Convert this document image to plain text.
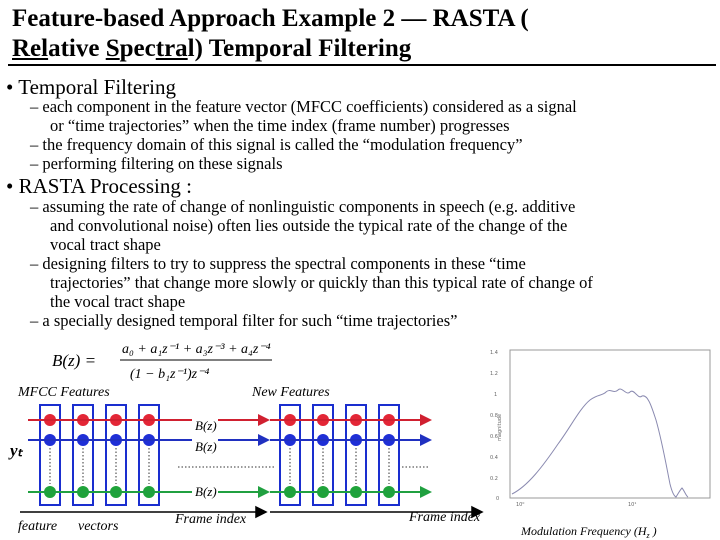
Feature-based Approach Example 2 — RASTA (
Relative Spectral) Temporal Filtering
• Temporal Filtering
– each component in the feature vector (MFCC coefficients) considered as a signal

or “time trajectories” when the time index (frame number) progresses
– the frequency domain of this signal is called the “modulation frequency”
– performing filtering on these signals
• RASTA Processing :
– assuming the rate of change of nonlinguistic components in speech (e.g. additive

and convolutional noise) often lies outside the typical rate of the change of the
vocal tract shape
– designing filters to try to suppress the spectral components in these “time

trajectories” that change more slowly or quickly than this typical rate of change of
the vocal tract shape
– a specially designed temporal filter for such “time trajectories”
B(z) =
a₀ + a₁z⁻¹ + a₃z⁻³ + a₄z⁻⁴
(1 − b₁z⁻¹)z⁻⁴
MFCC Features	New Features
B(z)
B(z)
B(z)
yₜ
feature vectors	Frame index	Frame index
1.4
1.2
1
0.8
0.6
0.4
0.2
0
magnitude
10⁰	10¹
Modulation Frequency ($H_z$ )
